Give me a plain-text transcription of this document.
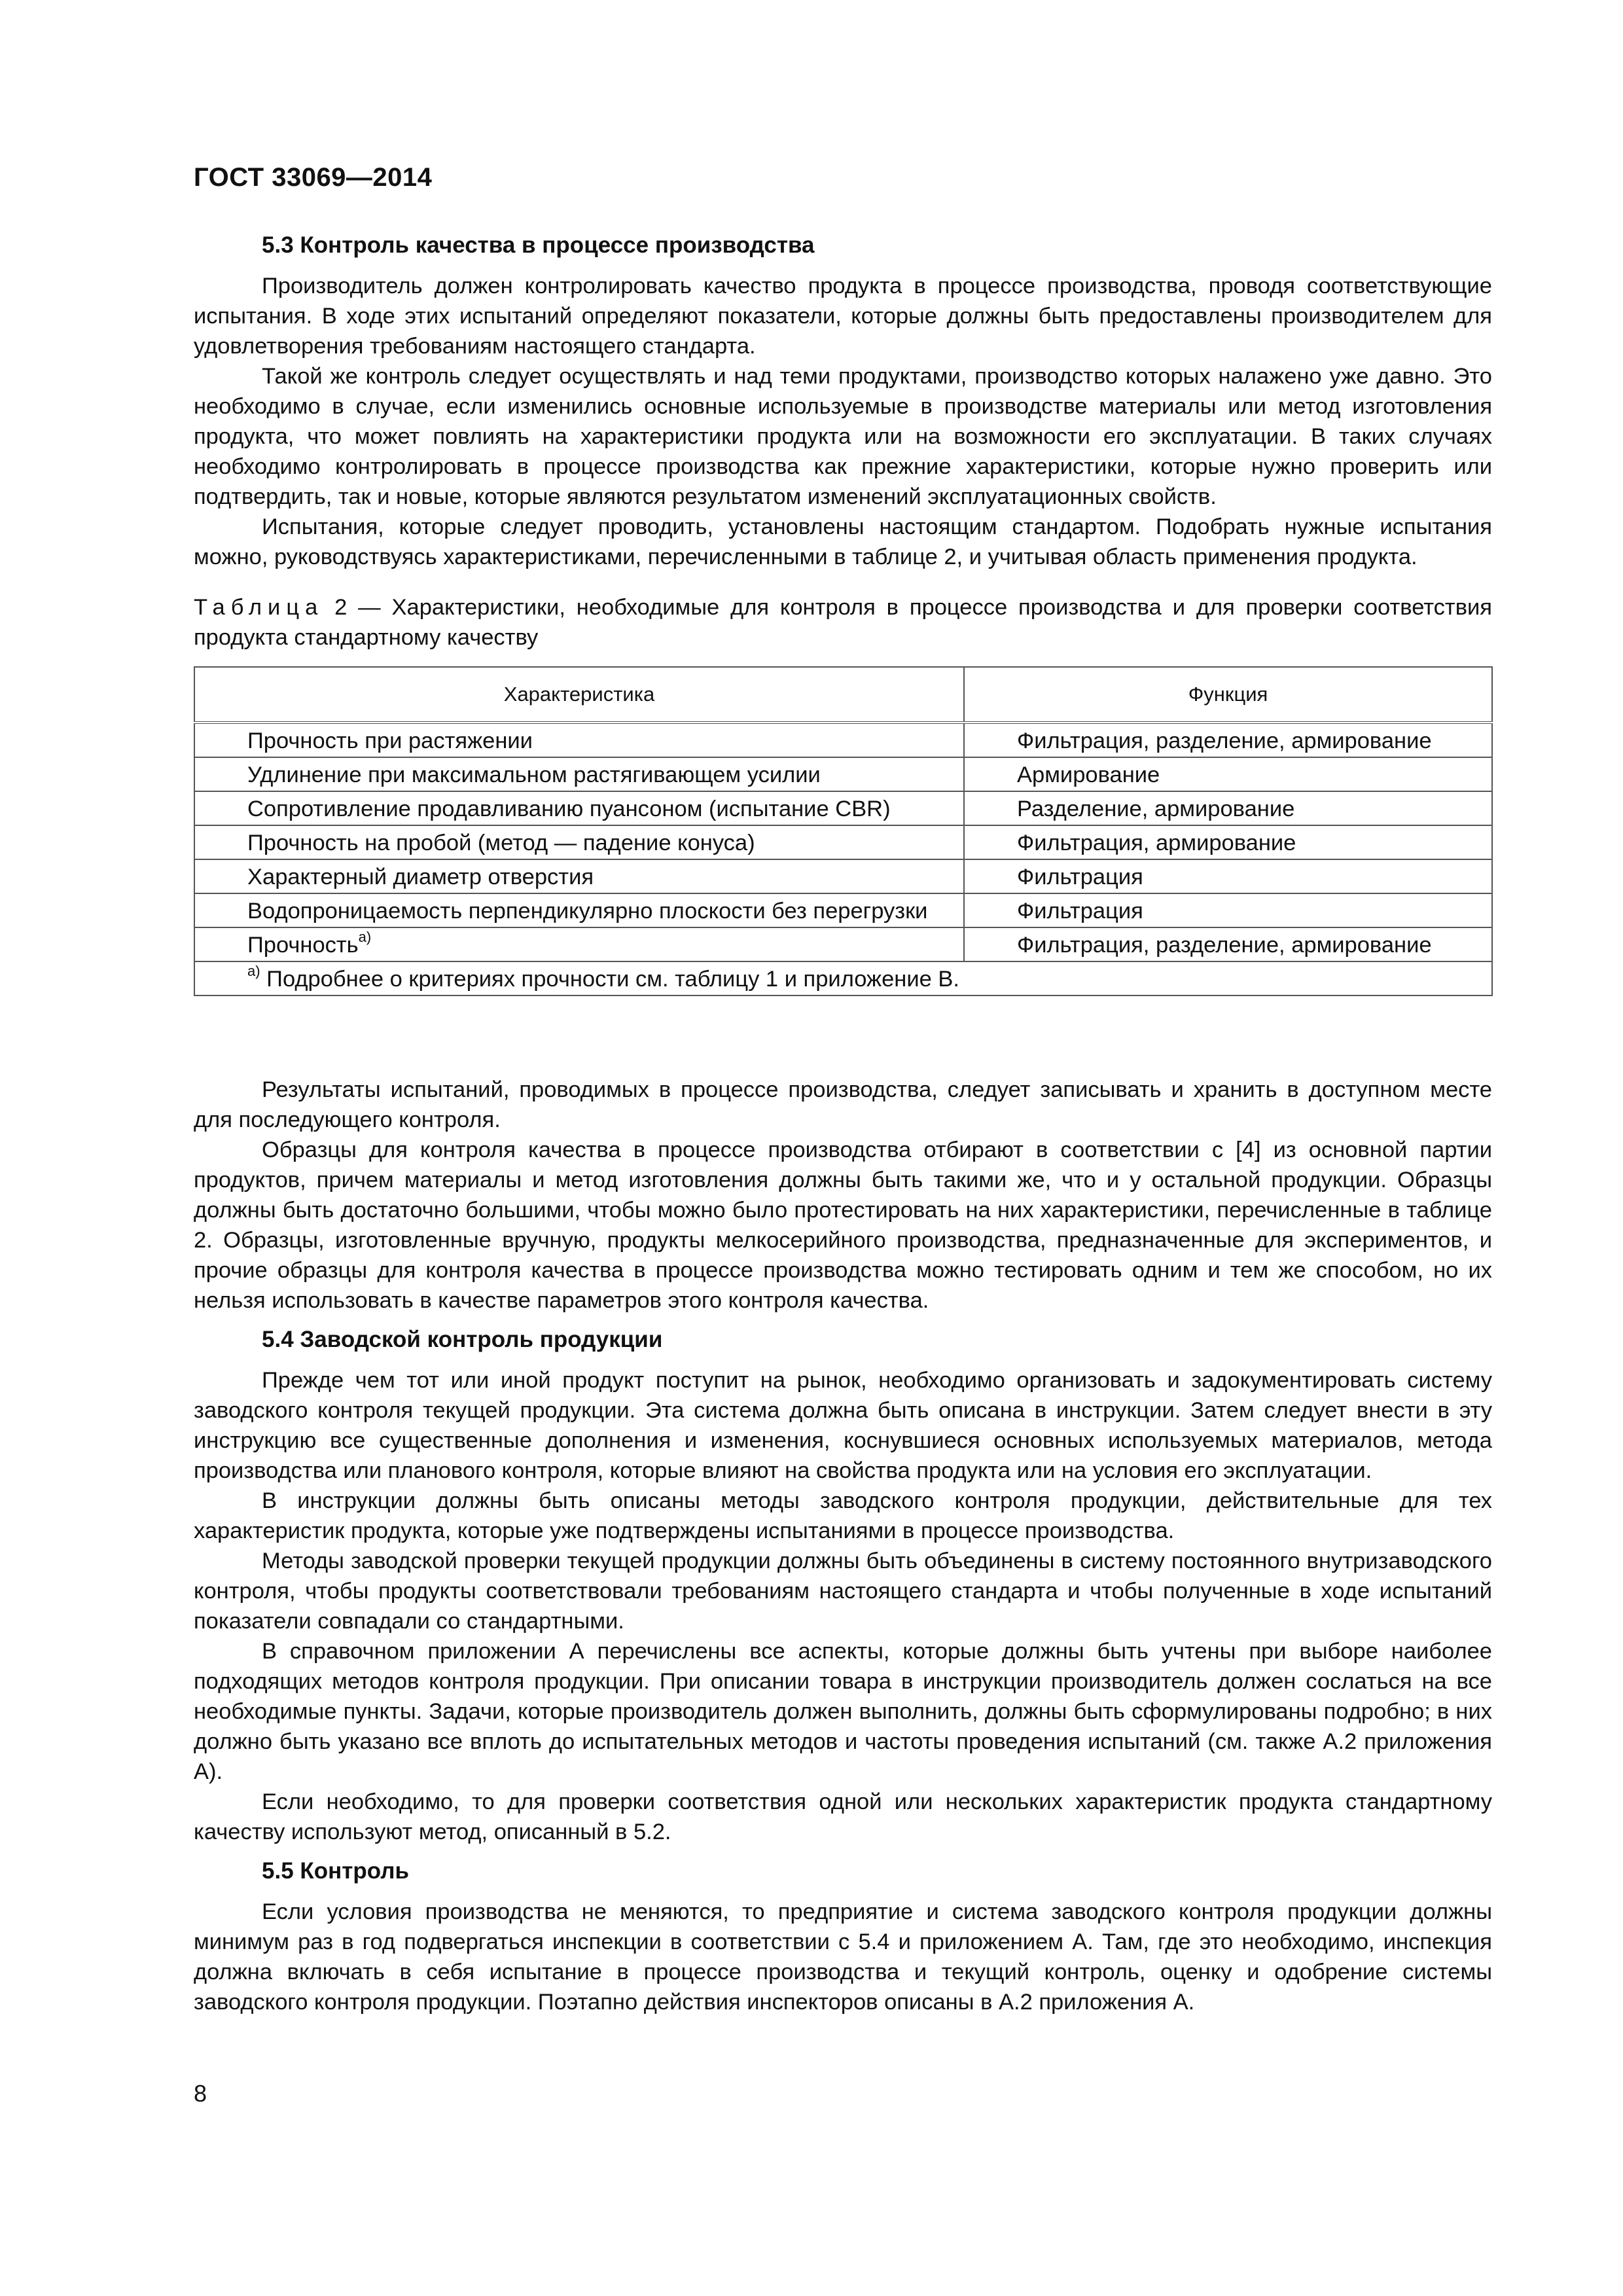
ГОСТ 33069—2014
5.3 Контроль качества в процессе производства

Производитель должен контролировать качество продукта в процессе производства, проводя соответствующие испытания. В ходе этих испытаний определяют показатели, которые должны быть предоставлены производителем для удовлетворения требованиям настоящего стандарта.

Такой же контроль следует осуществлять и над теми продуктами, производство которых налажено уже давно. Это необходимо в случае, если изменились основные используемые в производстве материалы или метод изготовления продукта, что может повлиять на характеристики продукта или на возможности его эксплуатации. В таких случаях необходимо контролировать в процессе производства как прежние характеристики, которые нужно проверить или подтвердить, так и новые, которые являются результатом изменений эксплуатационных свойств.

Испытания, которые следует проводить, установлены настоящим стандартом. Подобрать нужные испытания можно, руководствуясь характеристиками, перечисленными в таблице 2, и учитывая область применения продукта.

Таблица 2 — Характеристики, необходимые для контроля в процессе производства и для проверки соответствия продукта стандартному качеству

Характеристика	Функция
Прочность при растяжении	Фильтрация, разделение, армирование
Удлинение при максимальном растягивающем усилии	Армирование
Сопротивление продавливанию пуансоном (испытание CBR)	Разделение, армирование
Прочность на пробой (метод — падение конуса)	Фильтрация, армирование
Характерный диаметр отверстия	Фильтрация
Водопроницаемость перпендикулярно плоскости без перегрузки	Фильтрация
Прочность$^{а)}$	Фильтрация, разделение, армирование
$^{а)}$ Подробнее о критериях прочности см. таблицу 1 и приложение В.	

Результаты испытаний, проводимых в процессе производства, следует записывать и хранить в доступном месте для последующего контроля.

Образцы для контроля качества в процессе производства отбирают в соответствии с [4] из основной партии продуктов, причем материалы и метод изготовления должны быть такими же, что и у остальной продукции. Образцы должны быть достаточно большими, чтобы можно было протестировать на них характеристики, перечисленные в таблице 2. Образцы, изготовленные вручную, продукты мелкосерийного производства, предназначенные для экспериментов, и прочие образцы для контроля качества в процессе производства можно тестировать одним и тем же способом, но их нельзя использовать в качестве параметров этого контроля качества.

5.4 Заводской контроль продукции

Прежде чем тот или иной продукт поступит на рынок, необходимо организовать и задокументировать систему заводского контроля текущей продукции. Эта система должна быть описана в инструкции. Затем следует внести в эту инструкцию все существенные дополнения и изменения, коснувшиеся основных используемых материалов, метода производства или планового контроля, которые влияют на свойства продукта или на условия его эксплуатации.

В инструкции должны быть описаны методы заводского контроля продукции, действительные для тех характеристик продукта, которые уже подтверждены испытаниями в процессе производства.

Методы заводской проверки текущей продукции должны быть объединены в систему постоянного внутризаводского контроля, чтобы продукты соответствовали требованиям настоящего стандарта и чтобы полученные в ходе испытаний показатели совпадали со стандартными.

В справочном приложении А перечислены все аспекты, которые должны быть учтены при выборе наиболее подходящих методов контроля продукции. При описании товара в инструкции производитель должен сослаться на все необходимые пункты. Задачи, которые производитель должен выполнить, должны быть сформулированы подробно; в них должно быть указано все вплоть до испытательных методов и частоты проведения испытаний (см. также А.2 приложения А).

Если необходимо, то для проверки соответствия одной или нескольких характеристик продукта стандартному качеству используют метод, описанный в 5.2.

5.5 Контроль

Если условия производства не меняются, то предприятие и система заводского контроля продукции должны минимум раз в год подвергаться инспекции в соответствии с 5.4 и приложением А. Там, где это необходимо, инспекция должна включать в себя испытание в процессе производства и текущий контроль, оценку и одобрение системы заводского контроля продукции. Поэтапно действия инспекторов описаны в А.2 приложения А.

8
